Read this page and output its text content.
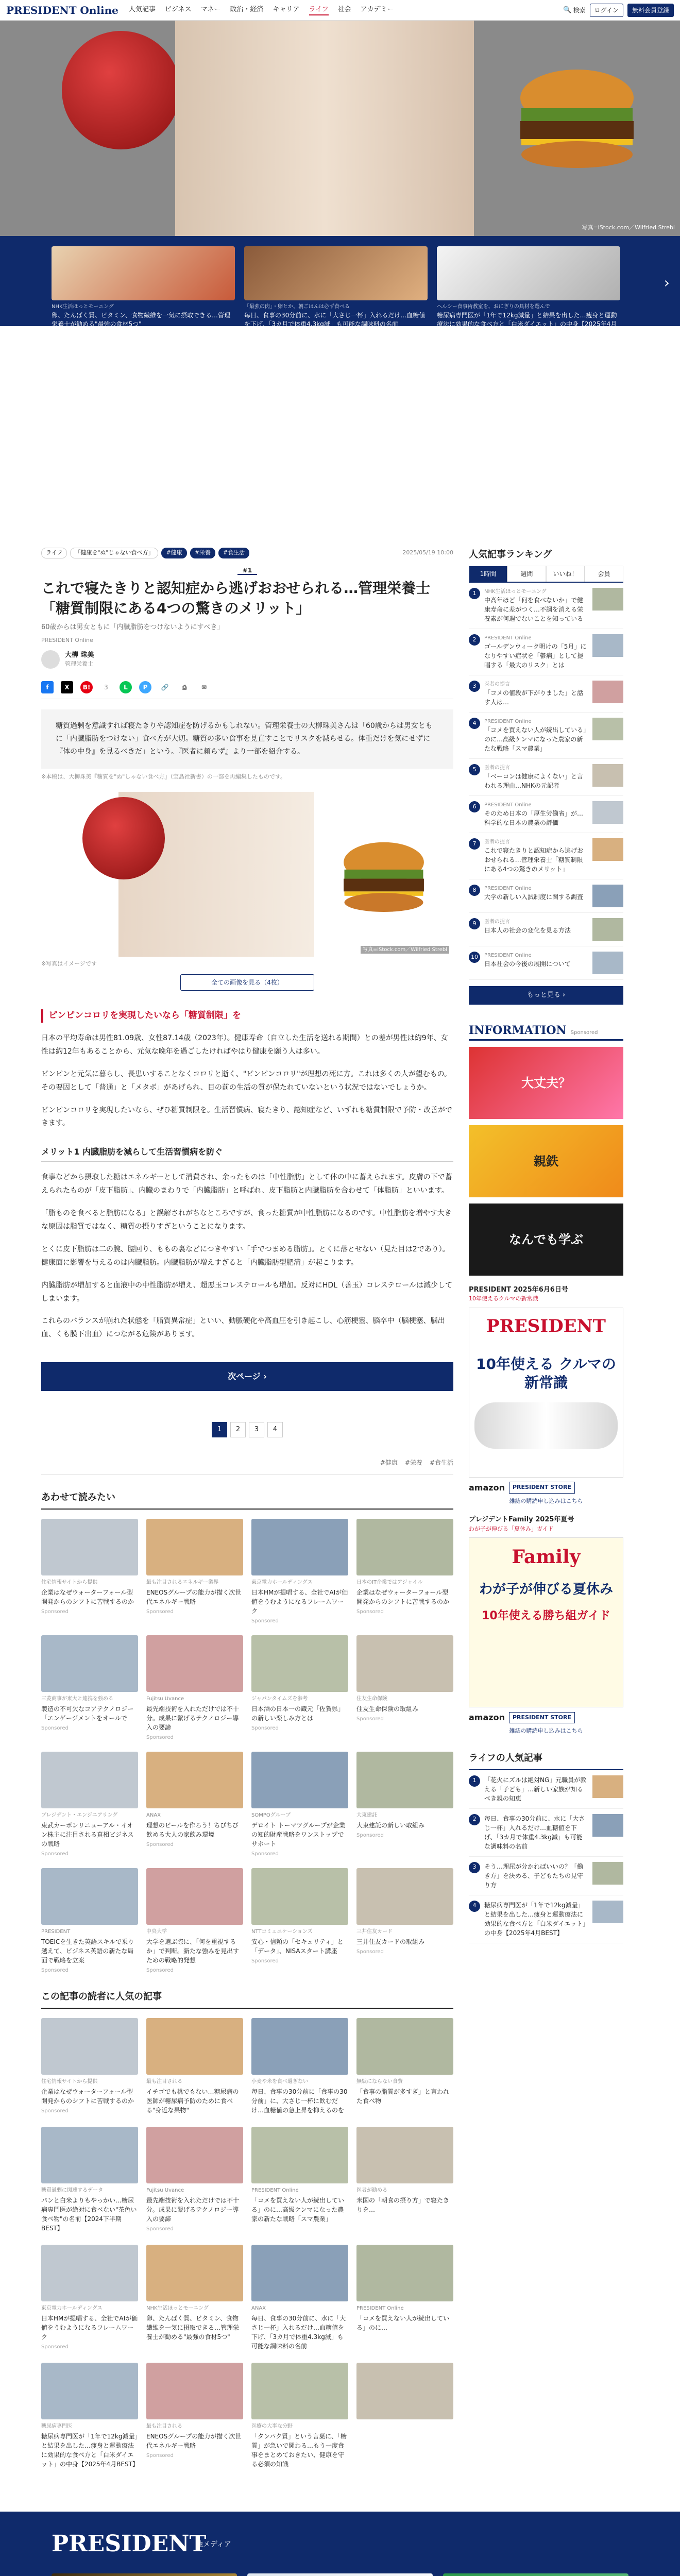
PRESIDENT Online 人気記事 ビジネス マネー 政治・経済 キャリア ライフ 社会 アカデミー	🔍 検索	ログイン	無料会員登録
写真=iStock.com／Wilfried Strebl
NHK生活ほっとモーニング
卵、たんぱく質、ビタミン、食物繊維を一気に摂取できる…管理栄養士が勧める"最強の食材5つ"
「最強の肉」・卵とか、朝ごはんは必ず食べる
毎日、食事の30分前に、水に「大さじ一杯」入れるだけ…血糖値を下げ、「3カ月で体重4.3kg減」も可能な調味料の名前
ヘルシー食事術教室を、おにぎりの具材を選んで
糖尿病専門医が「1年で12kg減量」と結果を出した…痩身と運動療法に効果的な食べ方と「白米ダイエット」の中身【2025年4月BEST】
›
ライフ	「健康を"ぬ"じゃない食べ方」	#健康	#栄養	#食生活	2025/05/19 10:00
#1
これで寝たきりと認知症から逃げおおせられる…管理栄養士「糖質制限にある4つの驚きのメリット」
60歳からは男女ともに「内臓脂肪をつけないようにすべき」
PRESIDENT Online
大柳 珠美
管理栄養士
f	X	B!	3	L	P	🔗	⎙	✉
糖質過剰を意識すれば寝たきりや認知症を防げるかもしれない。管理栄養士の大柳珠美さんは「60歳からは男女ともに「内臓脂肪をつけない」食べ方が大切。糖質の多い食事を見直すことでリスクを減らせる。体重だけを気にせずに『体の中身』を見るべきだ」という。『医者に頼らず』より一部を紹介する。
※本稿は、大柳珠美『糖質を"ぬ"しゃない食べ方』（宝島社新書）の一部を再編集したものです。
写真=iStock.com／Wilfried Strebl
※写真はイメージです
全ての画像を見る（4枚）
ピンピンコロリを実現したいなら「糖質制限」を

日本の平均寿命は男性81.09歳、女性87.14歳（2023年）。健康寿命（自立した生活を送れる期間）との差が男性は約9年、女性は約12年もあることから、元気な晩年を過ごしたければやはり健康を願う人は多い。

ピンピンと元気に暮らし、長患いすることなくコロリと逝く、"ピンピンコロリ"が理想の死に方。これは多くの人が望むもの。その要因として「普通」と「メタボ」があげられ、目の前の生活の質が保たれていないという状況ではないでしょうか。

ピンピンコロリを実現したいなら、ぜひ糖質制限を。生活習慣病、寝たきり、認知症など、いずれも糖質制限で予防・改善ができます。

メリット1 内臓脂肪を減らして生活習慣病を防ぐ

食事などから摂取した糖はエネルギーとして消費され、余ったものは「中性脂肪」として体の中に蓄えられます。皮膚の下で蓄えられたものが「皮下脂肪」、内臓のまわりで「内臓脂肪」と呼ばれ、皮下脂肪と内臓脂肪を合わせて「体脂肪」といいます。

「脂ものを食べると脂肪になる」と誤解されがちなところですが、食った糖質が中性脂肪になるのです。中性脂肪を増やす大きな原因は脂質ではなく、糖質の摂りすぎということになります。

とくに皮下脂肪は二の腕、腰回り、ももの裏などにつきやすい「手でつまめる脂肪」。とくに落とせない（見た目は2であり）。健康面に影響を与えるのは内臓脂肪。内臓脂肪が増えすぎると「内臓脂肪型肥満」が起こります。

内臓脂肪が増加すると血液中の中性脂肪が増え、超悪玉コレステロールも増加。反対にHDL（善玉）コレステロールは減少してしまいます。

これらのバランスが崩れた状態を「脂質異常症」といい、動脈硬化や高血圧を引き起こし、心筋梗塞、脳卒中（脳梗塞、脳出血、くも膜下出血）につながる危険があります。

次ページ ›
1	2	3	4
#健康 #栄養 #食生活
あわせて読みたい
住宅情報サイトから提供
企業はなぜウォーターフォール型開発からのシフトに苦戦するのか
Sponsored
最も注目されるエネルギー業界
ENEOSグループの能力が描く次世代エネルギー戦略
Sponsored
東京電力ホールディングス
日本HMが提唱する、全社でAIが価値をうむようになるフレームワーク
Sponsored
日本のIT企業ではアジャイル
企業はなぜウォーターフォール型開発からのシフトに苦戦するのか
Sponsored
三菱商事が東大と連携を強める
製造の不可欠なコアテクノロジー「エンゲージメントをオールで
Sponsored
Fujitsu Uvance
最先端技術を入れただけでは不十分。成果に繋げるテクノロジー導入の要諦
Sponsored
ジャパンタイムズを参考
日本酒の日本一の蔵元「佐賀県」の新しい楽しみ方とは
Sponsored
住友生命保険
住友生命保険の取組み
Sponsored
プレジデント・エンジニアリング
東武カーボンリニューアル・イオン株主に注目される真相ビジネスの戦略
Sponsored
ANAX
理想のビールを作ろう！ちびちび飲める大人の家飲み環境
Sponsored
SOMPOグループ
デロイト トーマツグループが企業の知的財産戦略をワンストップでサポート
Sponsored
大東建託
大東建託の新しい取組み
Sponsored
PRESIDENT
TOEICを生きた英語スキルで乗り越えて、ビジネス英語の新たな局面で戦略を立案
Sponsored
中央大学
大学を選ぶ際に、「何を重視するか」で判断。新たな強みを見出すための戦略的発想
Sponsored
NTTコミュニケーションズ
安心・信頼の「セキュリティ」と「データ」、NISAスタート講座
Sponsored
三井住友カード
三井住友カードの取組み
Sponsored
この記事の読者に人気の記事
住宅情報サイトから提供
企業はなぜウォーターフォール型開発からのシフトに苦戦するのか
Sponsored
最も注目される
イチゴでも桃でもない…糖尿病の医師が糖尿病予防のために食べる"身近な果物"
小麦や米を食べ過ぎない
毎日、食事の30分前に「食事の30分前」に、大さじ一杯に飲むだけ…血糖値の急上昇を抑えるのを
無駄にならない食費
「食事の脂質が多すぎ」と言われた食べ物
糖質過剰に関連するデータ
パンと白米よりもやっかい…糖尿病専門医が絶対に食べない"茶色い食べ物"の名前【2024下半期BEST】
Fujitsu Uvance
最先端技術を入れただけでは不十分。成果に繋げるテクノロジー導入の要諦
Sponsored
PRESIDENT Online
「コメを買えない人が続出している」のに…高級ケンマになった農家の新たな戦略「スマ農業」
医者が勧める
米国の「朝食の摂り方」で寝たきりを…
東京電力ホールディングス
日本HMが提唱する、全社でAIが価値をうむようになるフレームワーク
Sponsored
NHK生活ほっとモーニング
卵、たんぱく質、ビタミン、食物繊維を一気に摂取できる…管理栄養士が勧める"最強の食材5つ"
ANAX
毎日、食事の30分前に、水に「大さじ一杯」入れるだけ…血糖値を下げ、「3カ月で体重4.3kg減」も可能な調味料の名前
PRESIDENT Online
「コメを買えない人が続出している」のに…
糖尿病専門医
糖尿病専門医が「1年で12kg減量」と結果を出した…痩身と運動療法に効果的な食べ方と「白米ダイエット」の中身【2025年4月BEST】
最も注目される
ENEOSグループの能力が描く次世代エネルギー戦略
Sponsored
医療の大事な分野
「タンパク質」という言葉に、「糖質」が急いで関わる…もう一度食事をまとめておきたい、健康を守る必須の知識
人気記事ランキング
1時間	週間	いいね！	会員
1	NHK生活ほっとモーニング
中高年ほど「何を食べないか」で健康寿命に差がつく…不調を消える栄養素が何週でないことを知っている
2	PRESIDENT Online
ゴールデンウィーク明けの「5月」になりやすい症状を「鬱病」として提唱する「最大のリスク」とは
3	医者の提言
「コメの値段が下がりました」と話す人は…
4	PRESIDENT Online
「コメを買えない人が続出している」のに…高級ケンマになった農家の新たな戦略「スマ農業」
5	医者の提言
「ベーコンは健康によくない」と言われる理由…NHKの元記者
6	PRESIDENT Online
そのため日本の「厚生労働省」が…科学的な日本の農業の評価
7	医者の提言
これで寝たきりと認知症から逃げおおせられる…管理栄養士「糖質制限にある4つの驚きのメリット」
8	PRESIDENT Online
大学の新しい入試制度に関する調査
9	医者の提言
日本人の社会の変化を見る方法
10	PRESIDENT Online
日本社会の今後の展開について
もっと見る ›
INFORMATION Sponsored
大丈夫？
親鉄
なんでも学ぶ
PRESIDENT 2025年6月6日号
10年使えるクルマの新常識
PRESIDENT
10年使える クルマの新常識
amazon	PRESIDENT STORE
雑誌の購読申し込みはこちら
プレジデントFamily 2025年夏号
わが子が伸びる「夏休み」ガイド
Family
わが子が伸びる夏休み
10年使える勝ち組ガイド
amazon	PRESIDENT STORE
雑誌の購読申し込みはこちら
ライフの人気記事
1	「花火にズルは絶対NG」元職員が教える「子ども」…新しい家族が知るべき親の知恵
2	毎日、食事の30分前に、水に「大さじ一杯」入れるだけ…血糖値を下げ、「3カ月で体重4.3kg減」も可能な調味料の名前
3	そう…理屈が分かればいいの？「働き方」を決める、子どもたちの見守り方
4	糖尿病専門医が「1年で12kg減量」と結果を出した…痩身と運動療法に効果的な食べ方と「白米ダイエット」の中身【2025年4月BEST】
PRESIDENT
他メディア
